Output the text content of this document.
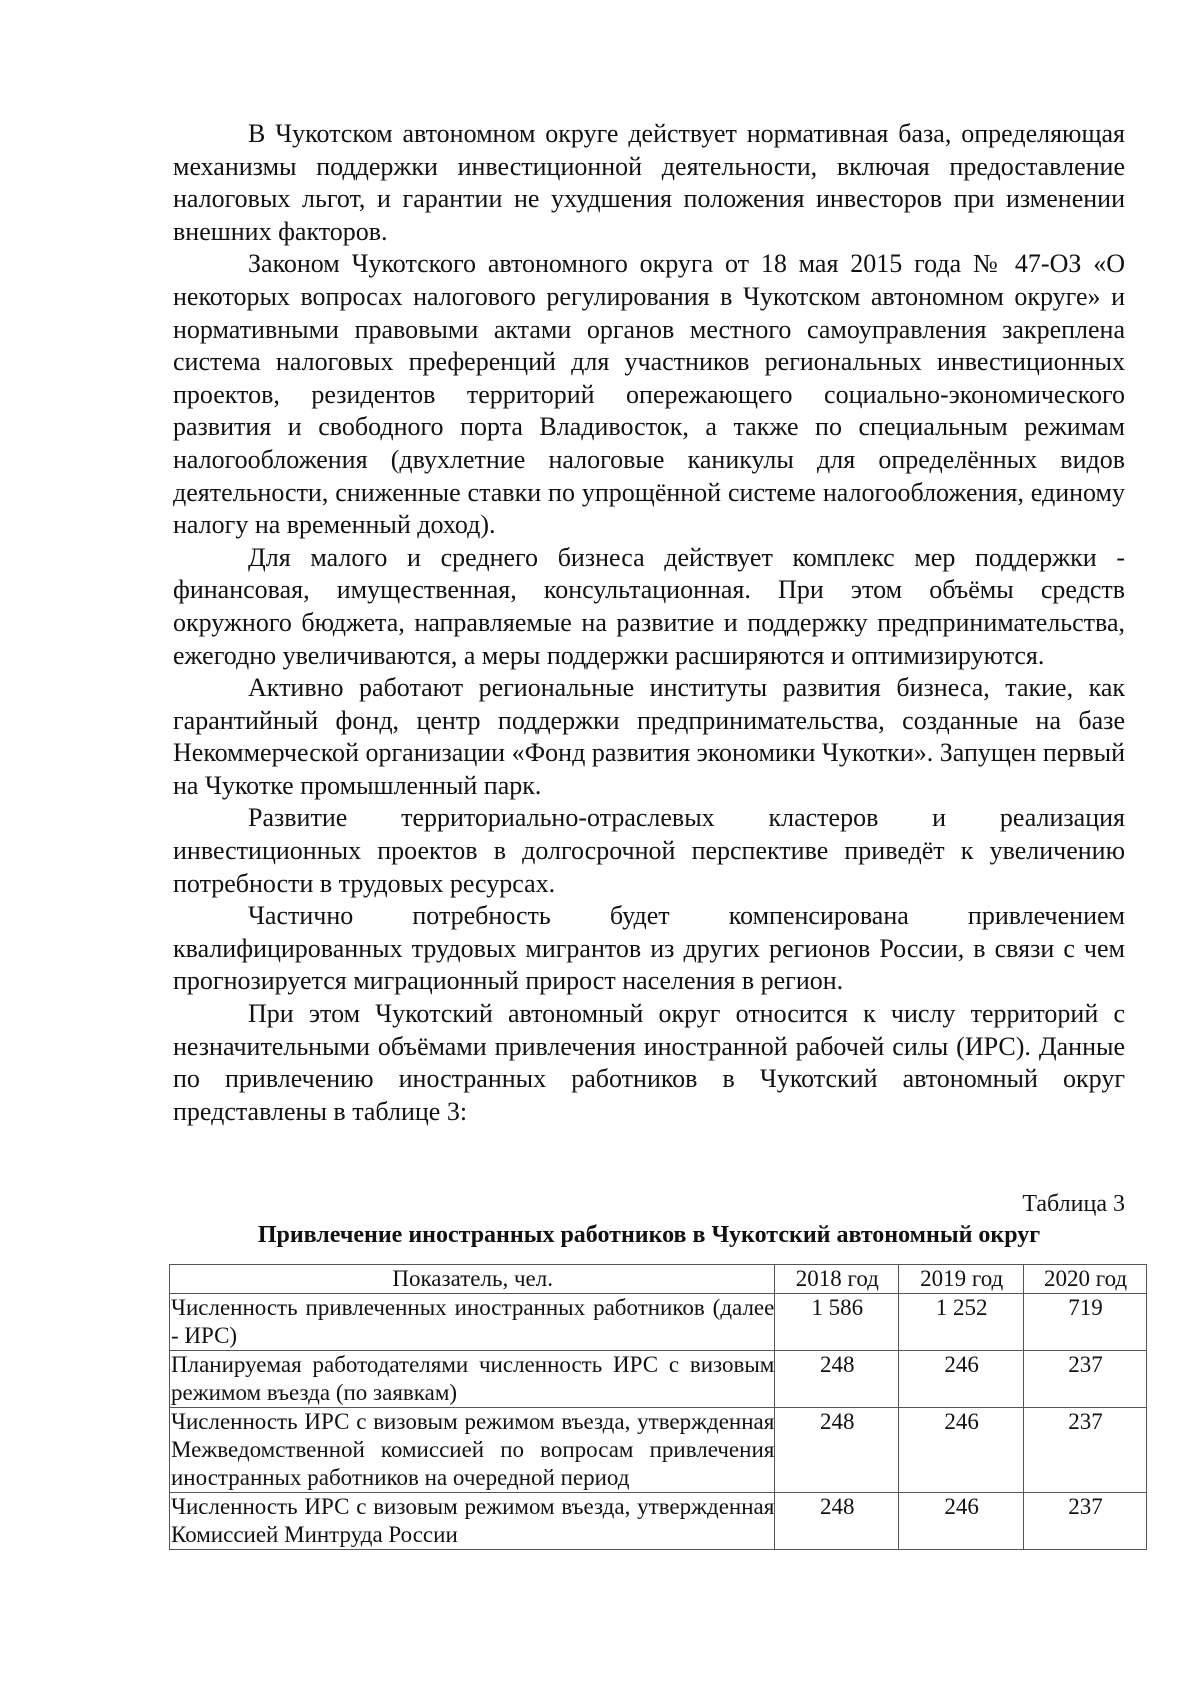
В Чукотском автономном округе действует нормативная база, определяющая механизмы поддержки инвестиционной деятельности, включая предоставление налоговых льгот, и гарантии не ухудшения положения инвесторов при изменении внешних факторов.

Законом Чукотского автономного округа от 18 мая 2015 года № 47-ОЗ «О некоторых вопросах налогового регулирования в Чукотском автономном округе» и нормативными правовыми актами органов местного самоуправления закреплена система налоговых преференций для участников региональных инвестиционных проектов, резидентов территорий опережающего социально-экономического развития и свободного порта Владивосток, а также по специальным режимам налогообложения (двухлетние налоговые каникулы для определённых видов деятельности, сниженные ставки по упрощённой системе налогообложения, единому налогу на временный доход).

Для малого и среднего бизнеса действует комплекс мер поддержки - финансовая, имущественная, консультационная. При этом объёмы средств окружного бюджета, направляемые на развитие и поддержку предпринимательства, ежегодно увеличиваются, а меры поддержки расширяются и оптимизируются.

Активно работают региональные институты развития бизнеса, такие, как гарантийный фонд, центр поддержки предпринимательства, созданные на базе Некоммерческой организации «Фонд развития экономики Чукотки». Запущен первый на Чукотке промышленный парк.

Развитие территориально-отраслевых кластеров и реализация инвестиционных проектов в долгосрочной перспективе приведёт к увеличению потребности в трудовых ресурсах.

Частично потребность будет компенсирована привлечением квалифицированных трудовых мигрантов из других регионов России, в связи с чем прогнозируется миграционный прирост населения в регион.

При этом Чукотский автономный округ относится к числу территорий с незначительными объёмами привлечения иностранной рабочей силы (ИРС). Данные по привлечению иностранных работников в Чукотский автономный округ представлены в таблице 3:

Таблица 3
Привлечение иностранных работников в Чукотский автономный округ
Показатель, чел.	2018 год	2019 год	2020 год
Численность привлеченных иностранных работников (далее - ИРС)	1 586	1 252	719
Планируемая работодателями численность ИРС с визовым режимом въезда (по заявкам)	248	246	237
Численность ИРС с визовым режимом въезда, утвержденная Межведомственной комиссией по вопросам привлечения иностранных работников на очередной период	248	246	237
Численность ИРС с визовым режимом въезда, утвержденная Комиссией Минтруда России	248	246	237
